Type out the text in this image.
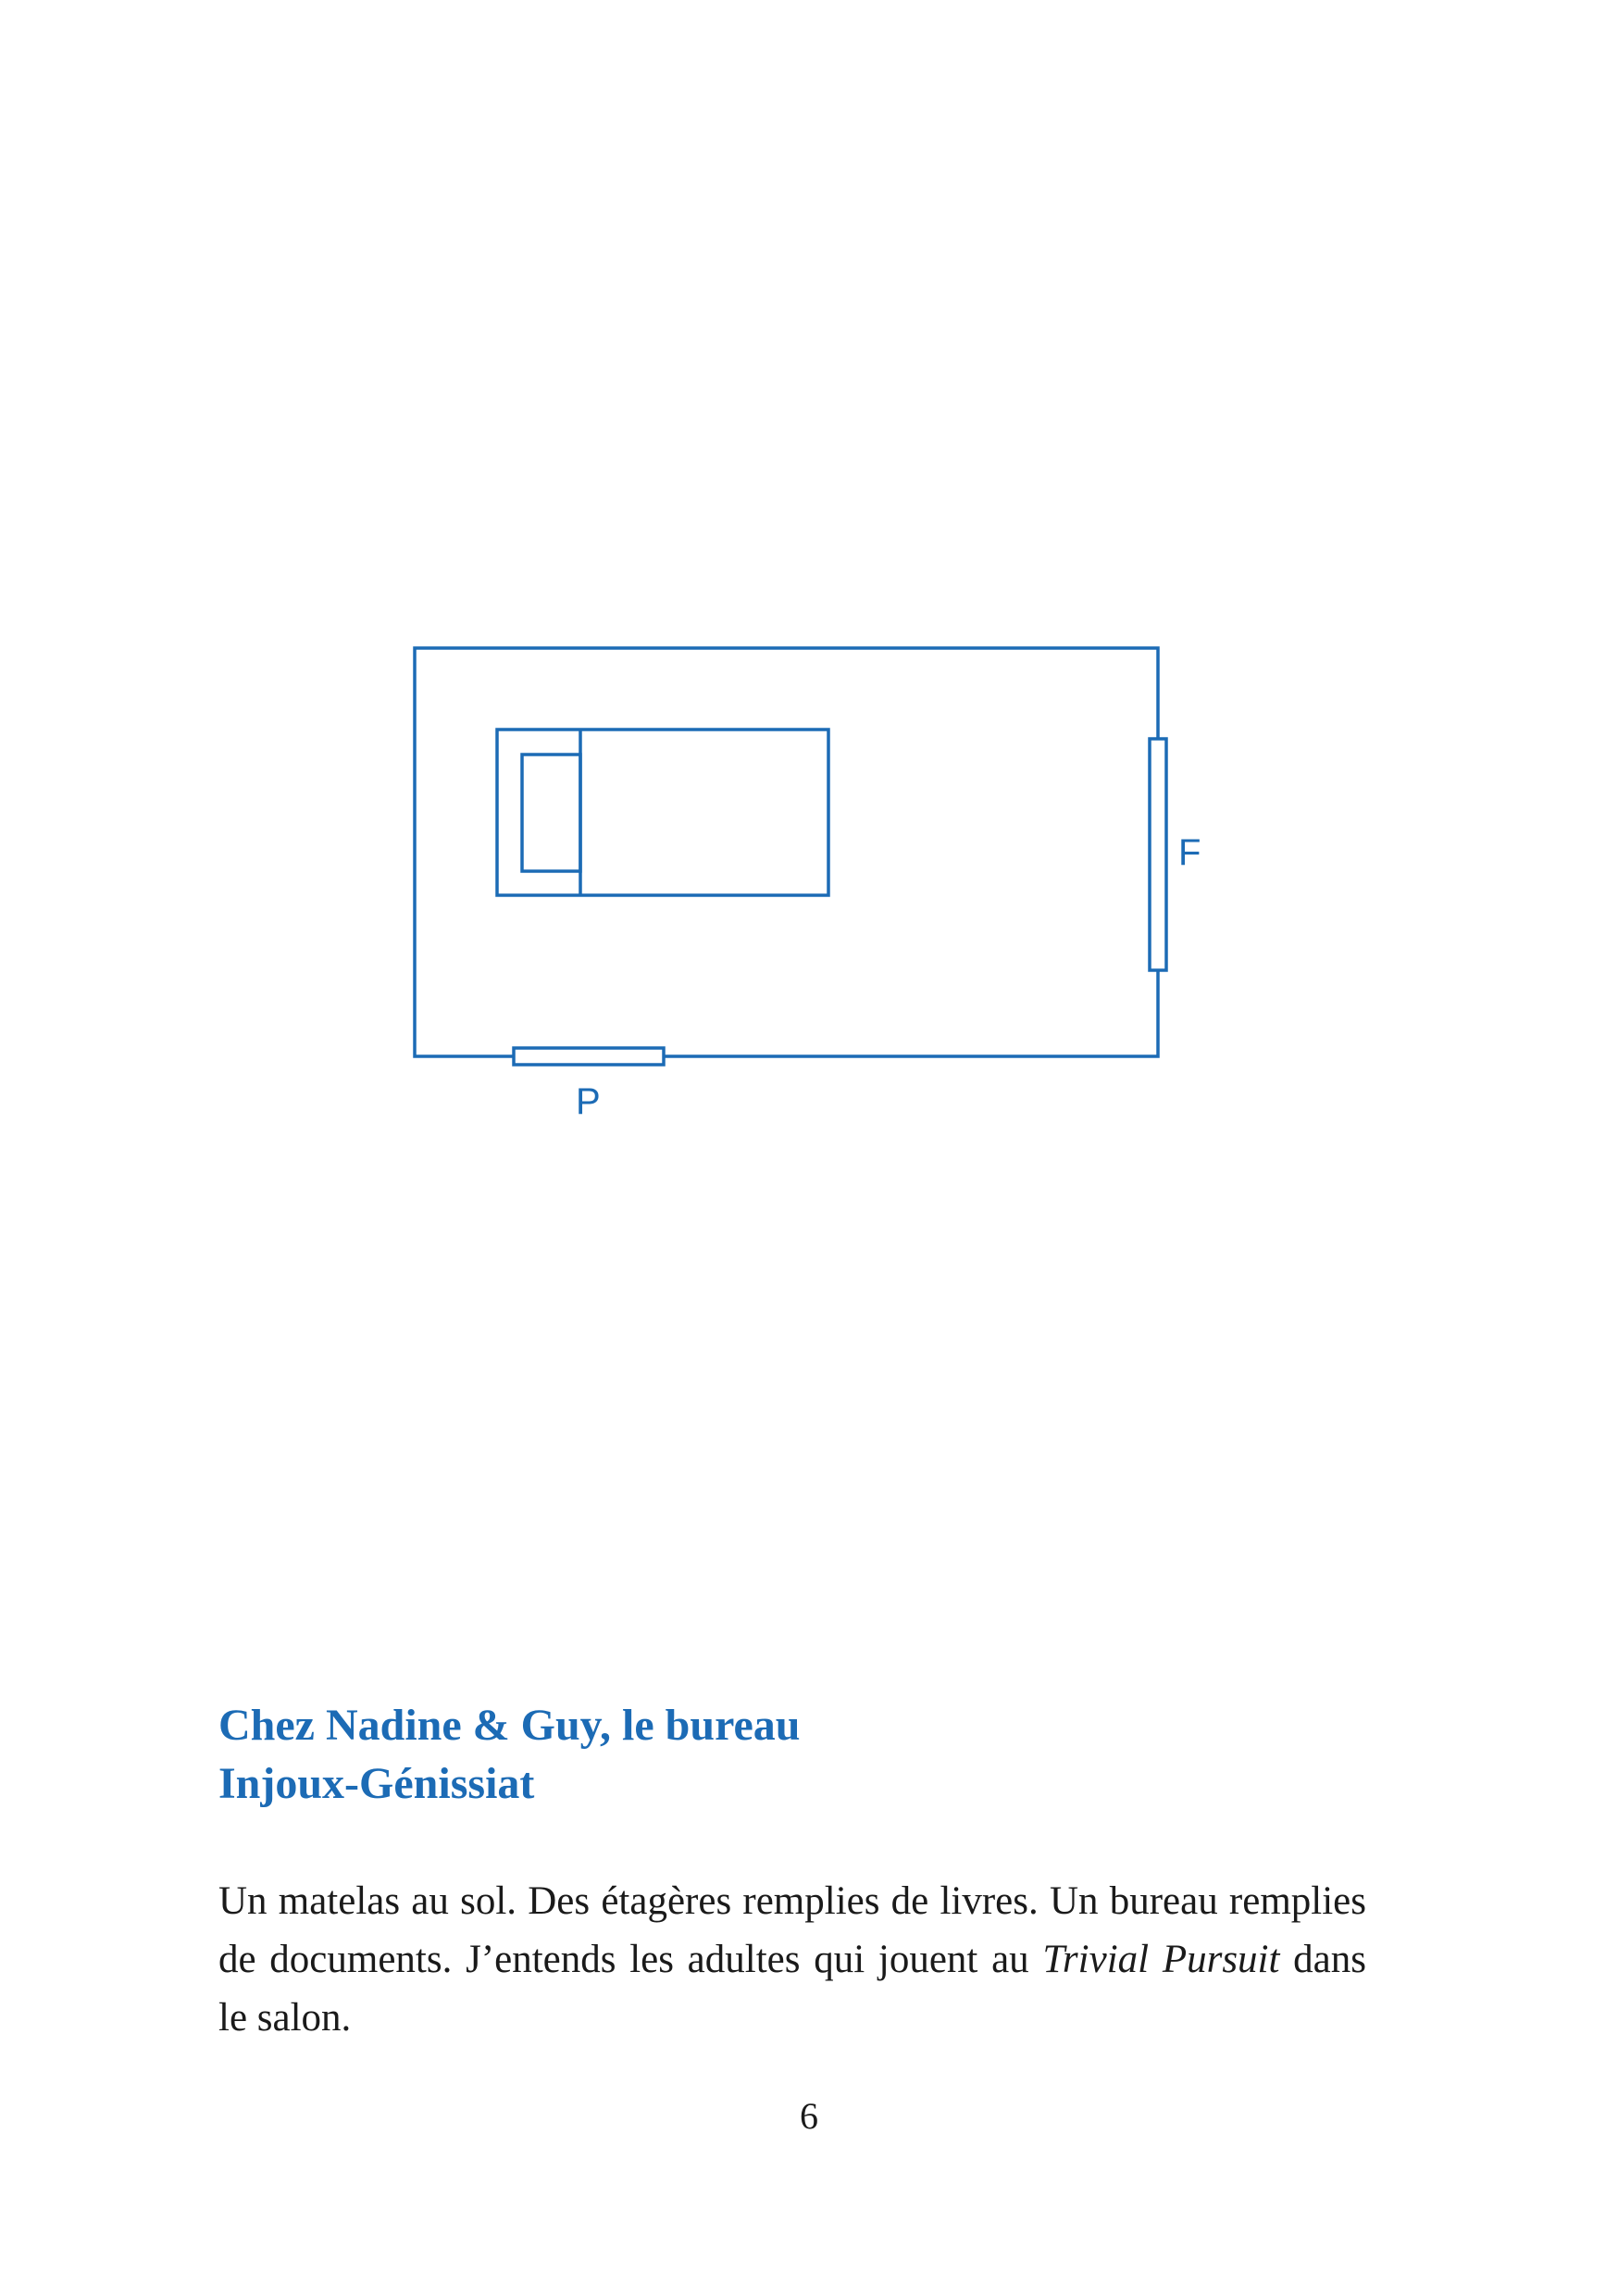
F
P
Chez Nadine & Guy, le bureau
Injoux-Génissiat

Un matelas au sol. Des étagères remplies de livres. Un bureau remplies
de documents. J’entends les adultes qui jouent au Trivial Pursuit dans
le salon.

6
